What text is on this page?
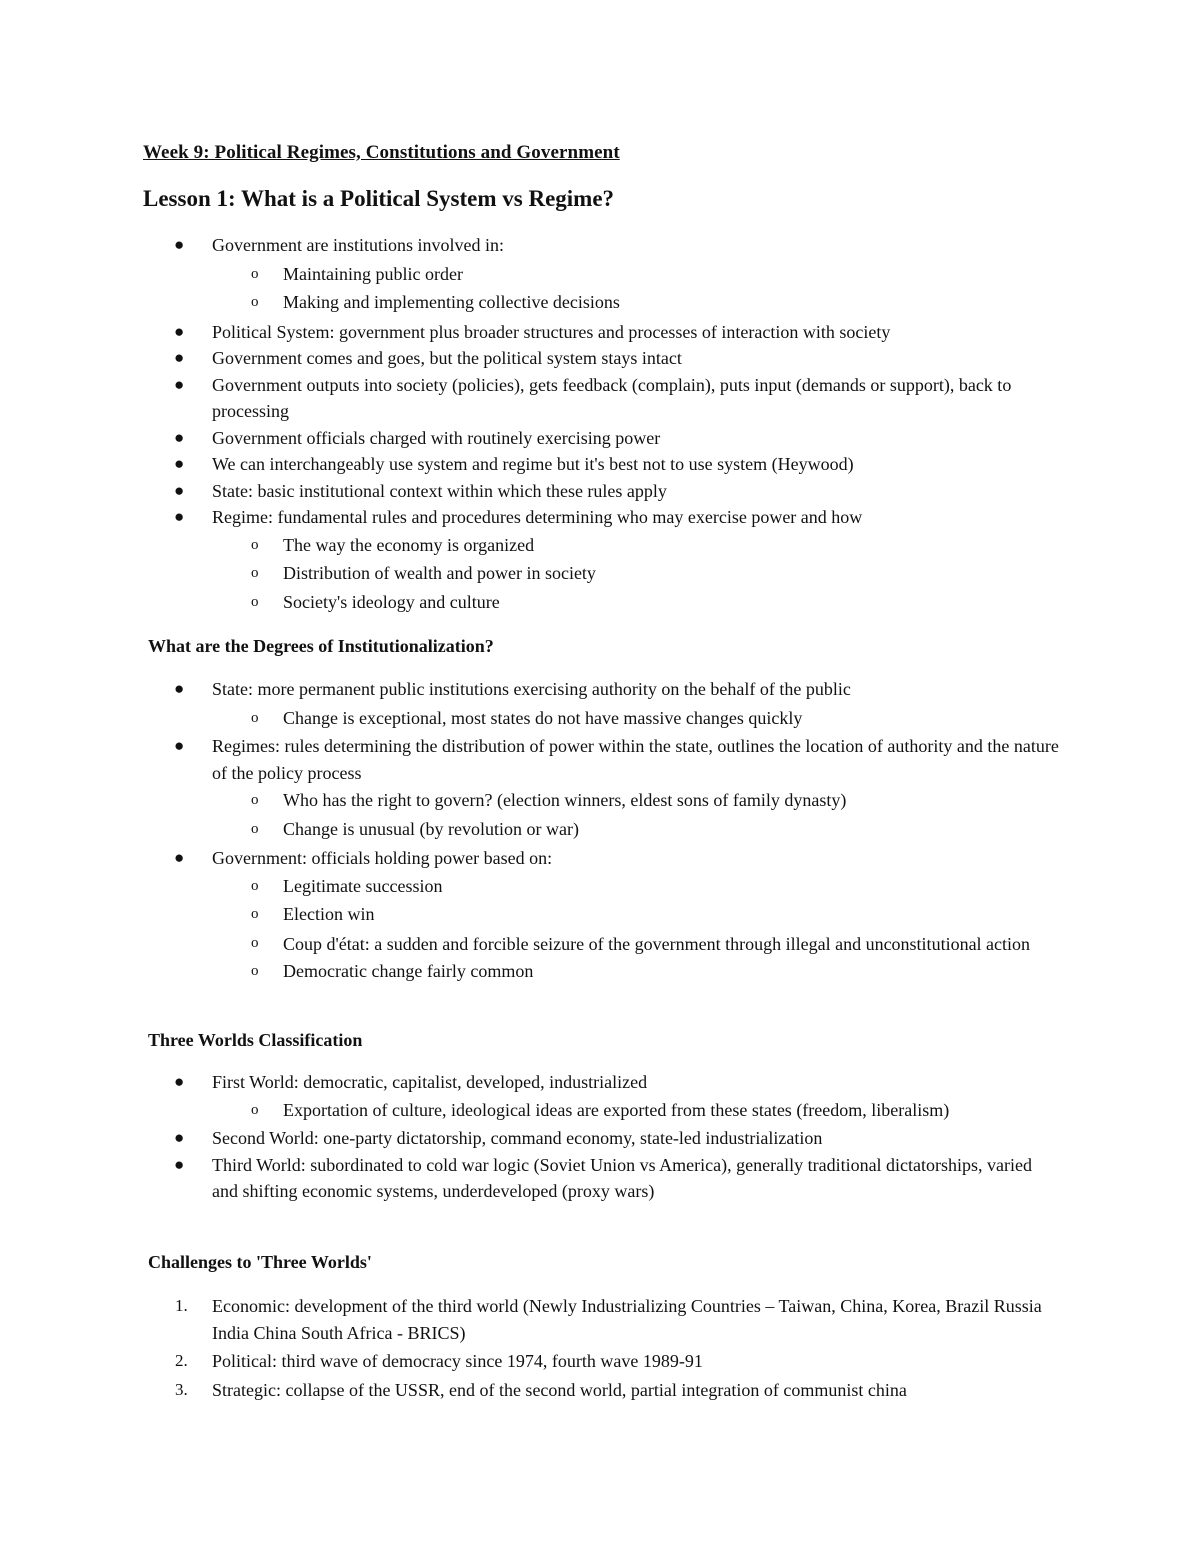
Week 9: Political Regimes, Constitutions and Government
Lesson 1: What is a Political System vs Regime?
● Government are institutions involved in:
o Maintaining public order
o Making and implementing collective decisions
● Political System: government plus broader structures and processes of interaction with society
● Government comes and goes, but the political system stays intact
● Government outputs into society (policies), gets feedback (complain), puts input (demands or support), back to processing
● Government officials charged with routinely exercising power
● We can interchangeably use system and regime but it's best not to use system (Heywood)
● State: basic institutional context within which these rules apply
● Regime: fundamental rules and procedures determining who may exercise power and how
o The way the economy is organized
o Distribution of wealth and power in society
o Society's ideology and culture
What are the Degrees of Institutionalization?
● State: more permanent public institutions exercising authority on the behalf of the public
o Change is exceptional, most states do not have massive changes quickly
● Regimes: rules determining the distribution of power within the state, outlines the location of authority and the nature of the policy process
o Who has the right to govern? (election winners, eldest sons of family dynasty)
o Change is unusual (by revolution or war)
● Government: officials holding power based on:
o Legitimate succession
o Election win
o Coup d'état: a sudden and forcible seizure of the government through illegal and unconstitutional action
o Democratic change fairly common
Three Worlds Classification
● First World: democratic, capitalist, developed, industrialized
o Exportation of culture, ideological ideas are exported from these states (freedom, liberalism)
● Second World: one-party dictatorship, command economy, state-led industrialization
● Third World: subordinated to cold war logic (Soviet Union vs America), generally traditional dictatorships, varied and shifting economic systems, underdeveloped (proxy wars)
Challenges to 'Three Worlds'
1. Economic: development of the third world (Newly Industrializing Countries – Taiwan, China, Korea, Brazil Russia India China South Africa - BRICS)
2. Political: third wave of democracy since 1974, fourth wave 1989-91
3. Strategic: collapse of the USSR, end of the second world, partial integration of communist china
